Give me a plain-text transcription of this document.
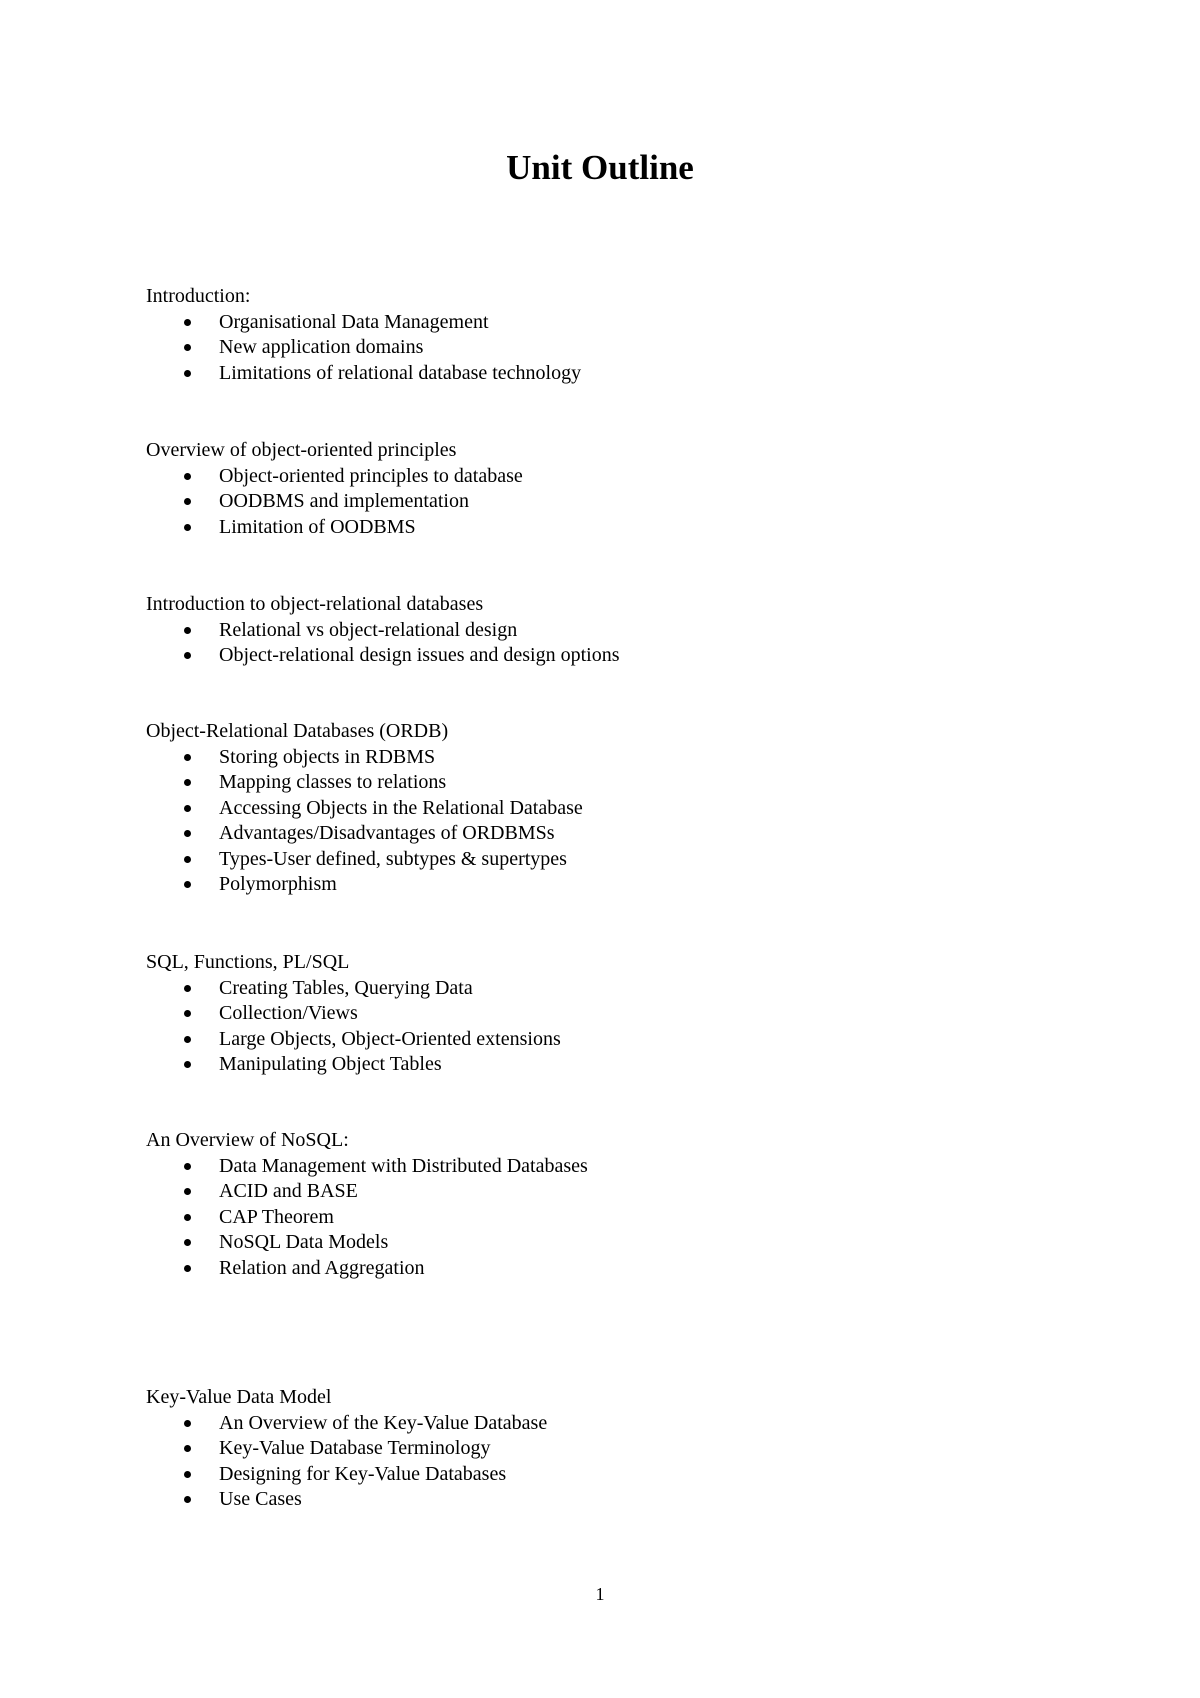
Unit Outline
Introduction:
Organisational Data Management
New application domains
Limitations of relational database technology
Overview of object-oriented principles
Object-oriented principles to database
OODBMS and implementation
Limitation of OODBMS
Introduction to object-relational databases
Relational vs object-relational design
Object-relational design issues and design options
Object-Relational Databases (ORDB)
Storing objects in RDBMS
Mapping classes to relations
Accessing Objects in the Relational Database
Advantages/Disadvantages of ORDBMSs
Types-User defined, subtypes & supertypes
Polymorphism
SQL, Functions, PL/SQL
Creating Tables, Querying Data
Collection/Views
Large Objects, Object-Oriented extensions
Manipulating Object Tables
An Overview of NoSQL:
Data Management with Distributed Databases
ACID and BASE
CAP Theorem
NoSQL Data Models
Relation and Aggregation
Key-Value Data Model
An Overview of the Key-Value Database
Key-Value Database Terminology
Designing for Key-Value Databases
Use Cases
1
